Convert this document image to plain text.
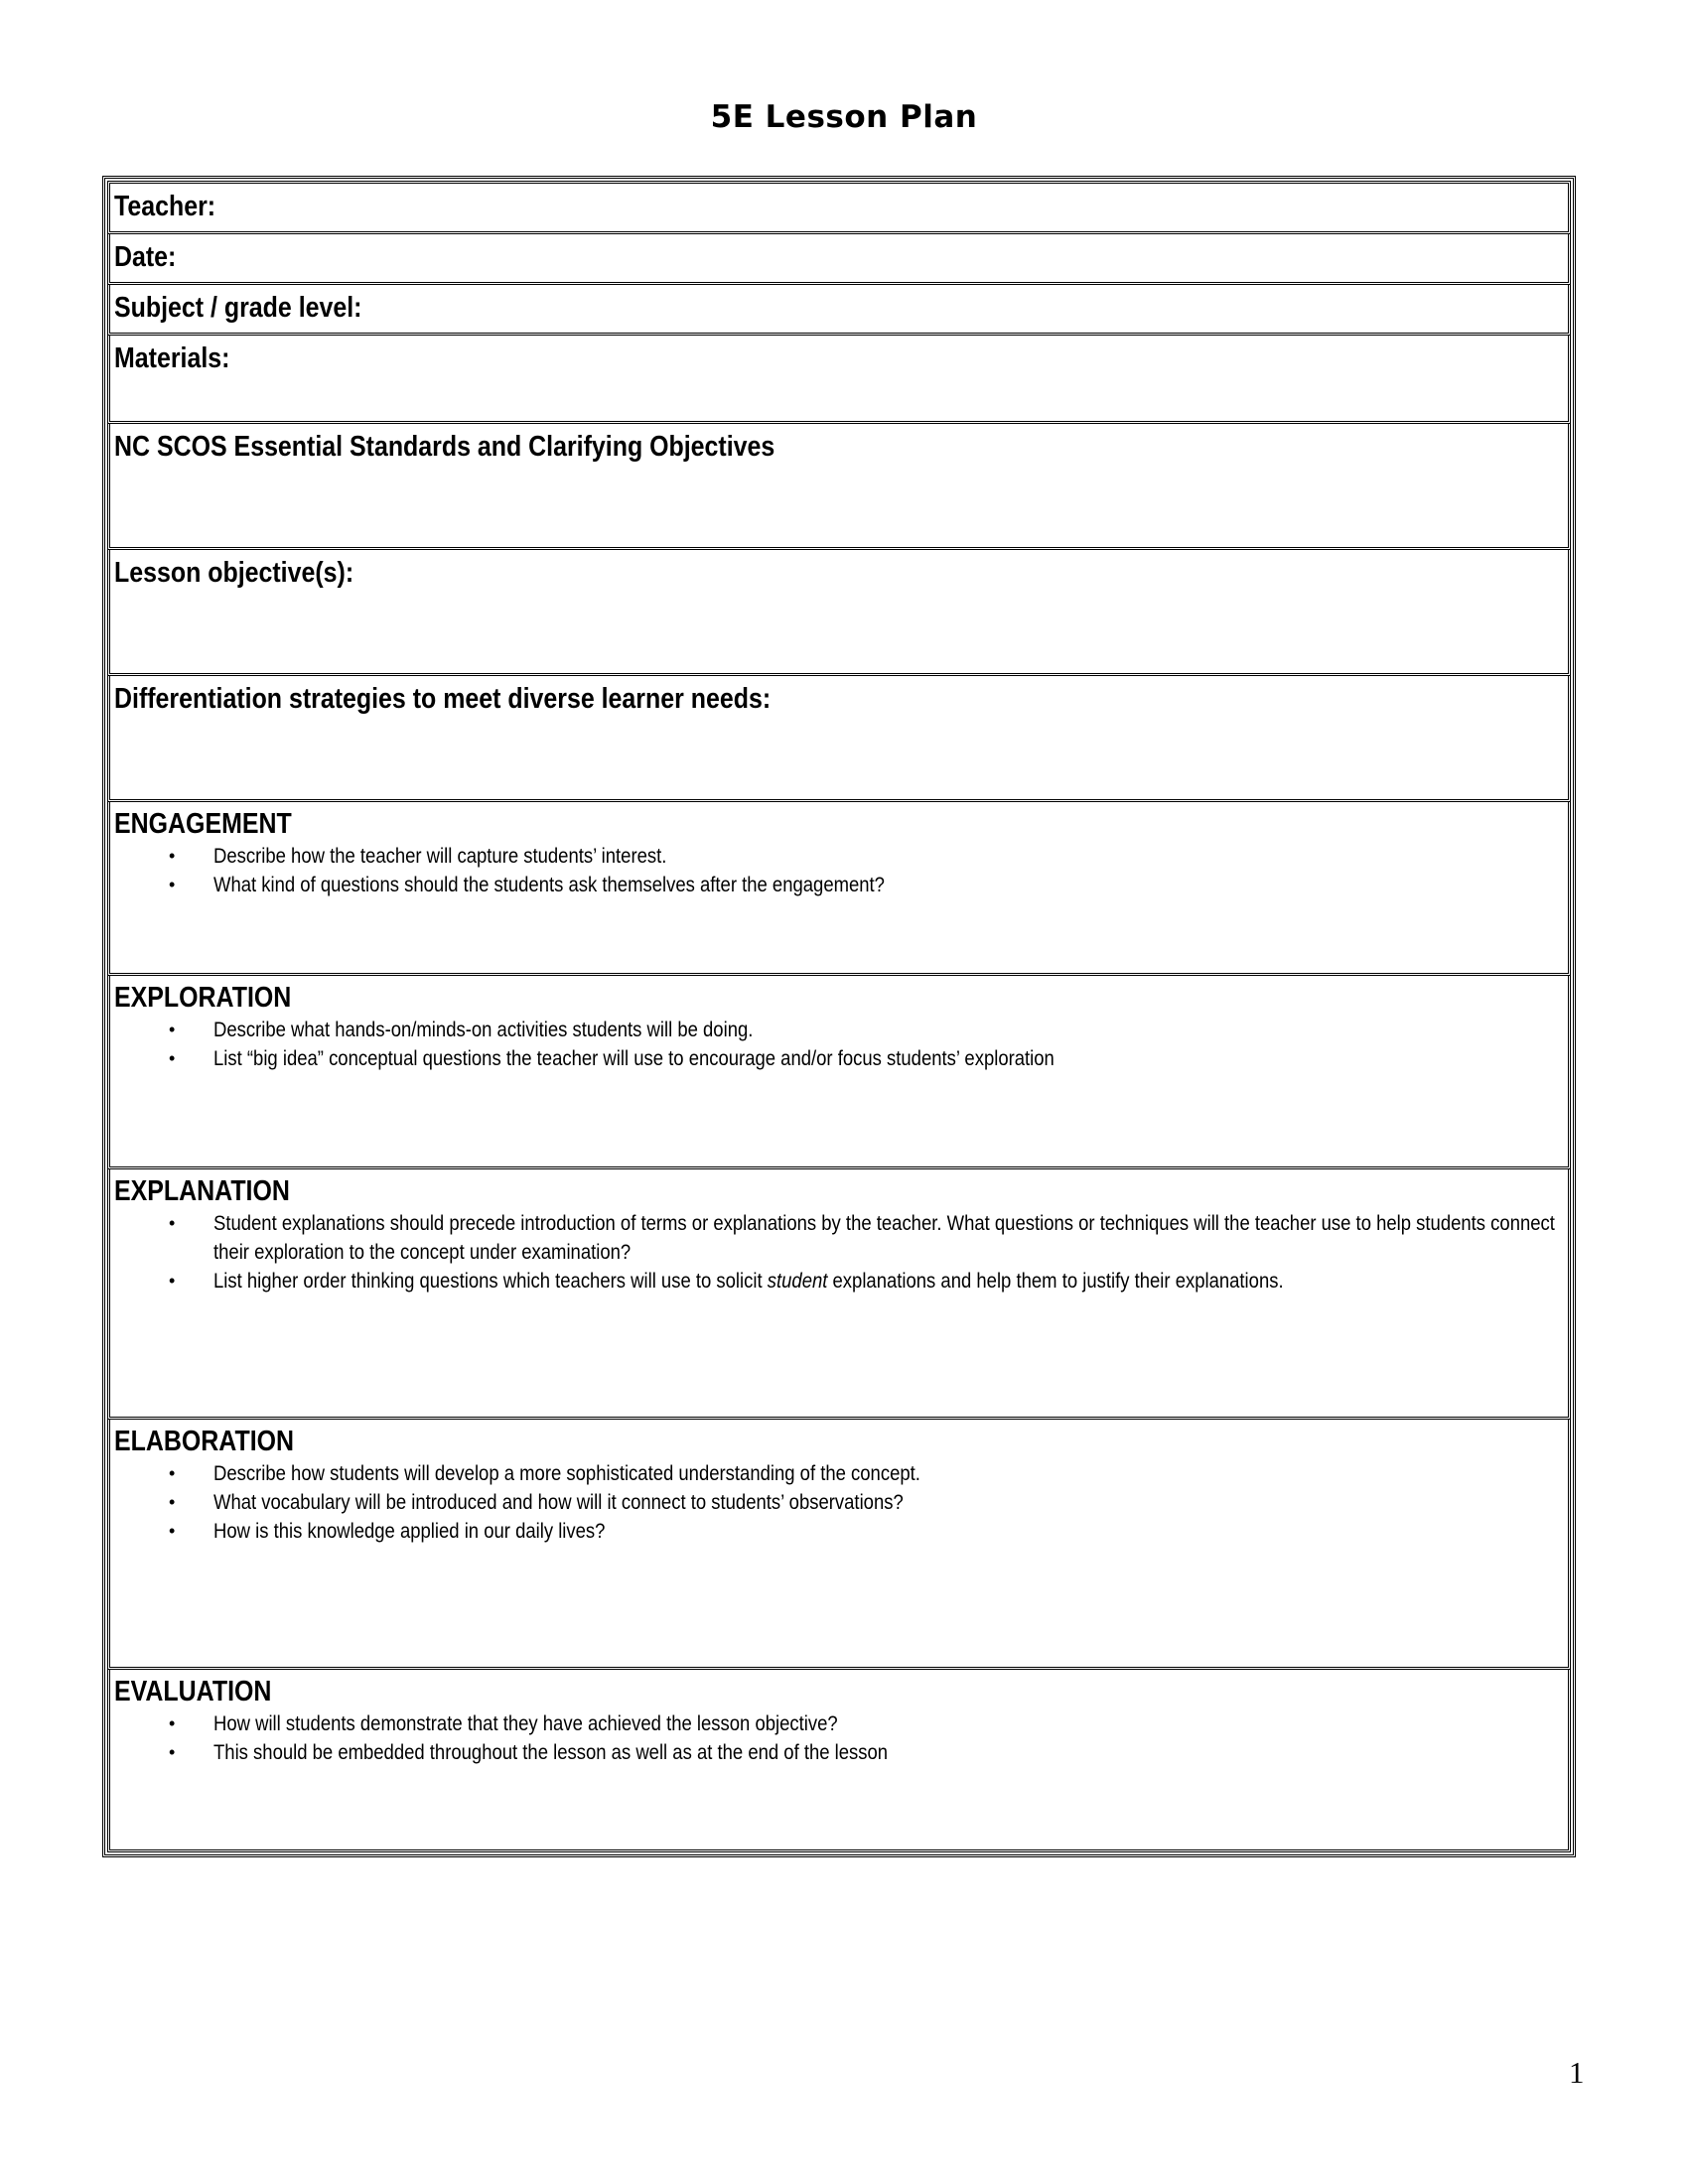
5E Lesson Plan
Teacher:
Date:
Subject / grade level:
Materials:
NC SCOS Essential Standards and Clarifying Objectives
Lesson objective(s):
Differentiation strategies to meet diverse learner needs:
ENGAGEMENT
• Describe how the teacher will capture students’ interest.
• What kind of questions should the students ask themselves after the engagement?
EXPLORATION
• Describe what hands-on/minds-on activities students will be doing.
• List “big idea” conceptual questions the teacher will use to encourage and/or focus students’ exploration
EXPLANATION
• Student explanations should precede introduction of terms or explanations by the teacher. What questions or techniques will the teacher use to help students connect their exploration to the concept under examination?
• List higher order thinking questions which teachers will use to solicit student explanations and help them to justify their explanations.
ELABORATION
• Describe how students will develop a more sophisticated understanding of the concept.
• What vocabulary will be introduced and how will it connect to students’ observations?
• How is this knowledge applied in our daily lives?
EVALUATION
• How will students demonstrate that they have achieved the lesson objective?
• This should be embedded throughout the lesson as well as at the end of the lesson
1
